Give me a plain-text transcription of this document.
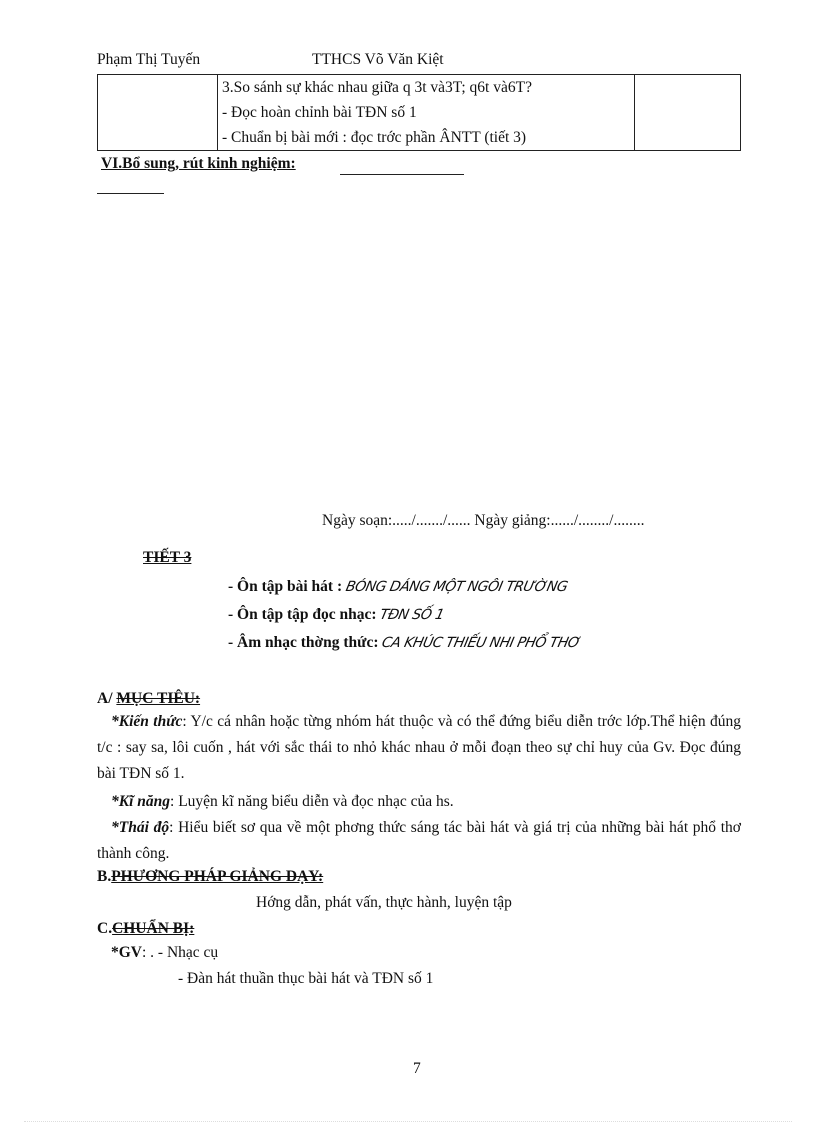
Phạm Thị Tuyến	TTHCS Võ Văn Kiệt

3.So sánh sự khác nhau giữa q 3t và3T; q6t và6T?
- Đọc hoàn chỉnh bài TĐN số 1
- Chuẩn bị bài mới : đọc trớc phần ÂNTT (tiết 3)

VI.Bổ sung, rút kinh nghiệm:
Ngày soạn:...../......./...... Ngày giảng:....../......../........
TIẾT 3
- Ôn tập bài hát : BÓNG DÁNG MỘT NGÔI TRƯỜNG
- Ôn tập tập đọc nhạc: TĐN SỐ 1
- Âm nhạc thờng thức: CA KHÚC THIẾU NHI PHỔ THƠ
A/ MỤC TIÊU:
*Kiến thức: Y/c cá nhân hoặc từng nhóm hát thuộc và có thể đứng biểu diễn trớc lớp.Thể hiện đúng t/c : say sa, lôi cuốn , hát với sắc thái to nhỏ khác nhau ở mỗi đoạn theo sự chỉ huy của Gv. Đọc đúng bài TĐN số 1.
*Kĩ năng: Luyện kĩ năng biểu diễn và đọc nhạc của hs.
*Thái độ: Hiểu biết sơ qua về một phơng thức sáng tác bài hát và giá trị của những bài hát phổ thơ thành công.
B.PHƯƠNG PHÁP GIẢNG DẠY:
Hớng dẫn, phát vấn, thực hành, luyện tập
C.CHUẨN BỊ:
*GV: . - Nhạc cụ
- Đàn hát thuần thục bài hát và TĐN số 1
7
